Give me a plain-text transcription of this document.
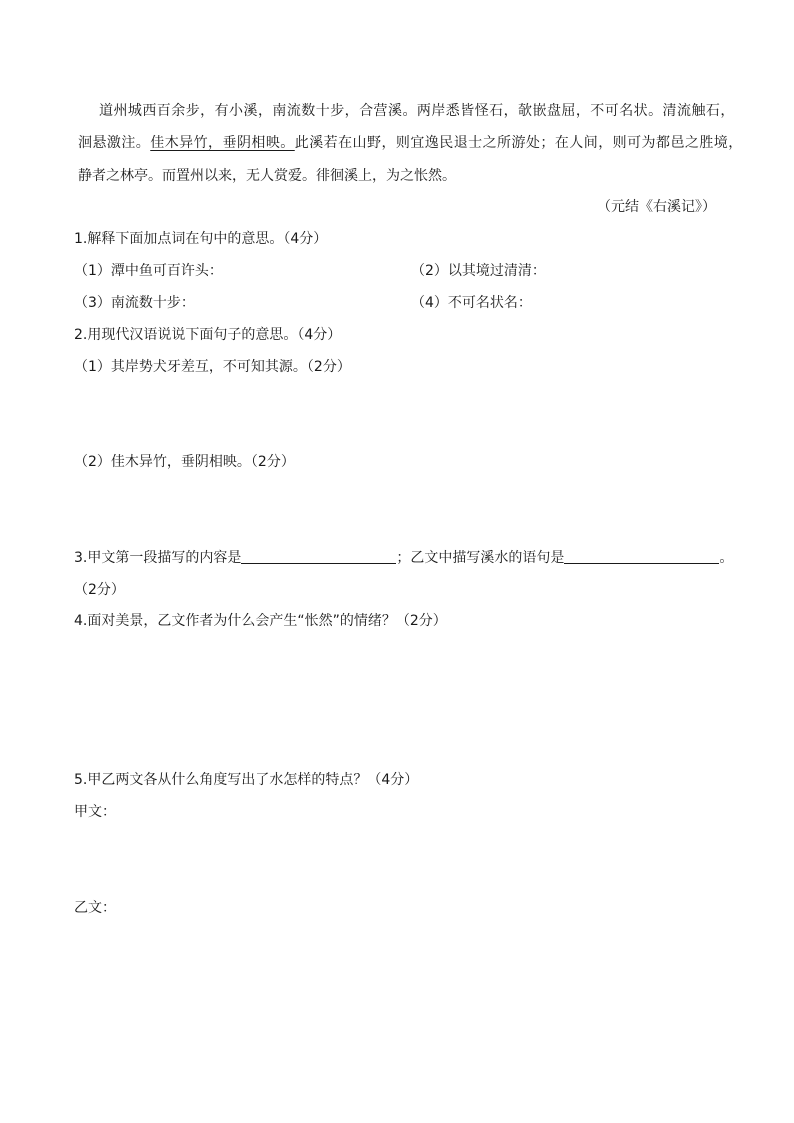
道州城西百余步，有小溪，南流数十步，合营溪。两岸悉皆怪石，欹嵌盘屈，不可名状。清流触石，
洄悬激注。佳木异竹，垂阴相映。此溪若在山野，则宜逸民退士之所游处；在人间，则可为都邑之胜境，
静者之林亭。而置州以来，无人赏爱。徘徊溪上，为之怅然。
（元结《右溪记》）
1.解释下面加点词在句中的意思。（4分）
（1）潭中鱼可百许头：	（2）以其境过清清：
（3）南流数十步：	（4）不可名状名：
2.用现代汉语说说下面句子的意思。（4分）
（1）其岸势犬牙差互，不可知其源。（2分）
（2）佳木异竹，垂阴相映。（2分）
3.甲文第一段描写的内容是	；乙文中描写溪水的语句是	。
（2分）
4.面对美景，乙文作者为什么会产生“怅然”的情绪？（2分）
5.甲乙两文各从什么角度写出了水怎样的特点？（4分）
甲文：
乙文：
